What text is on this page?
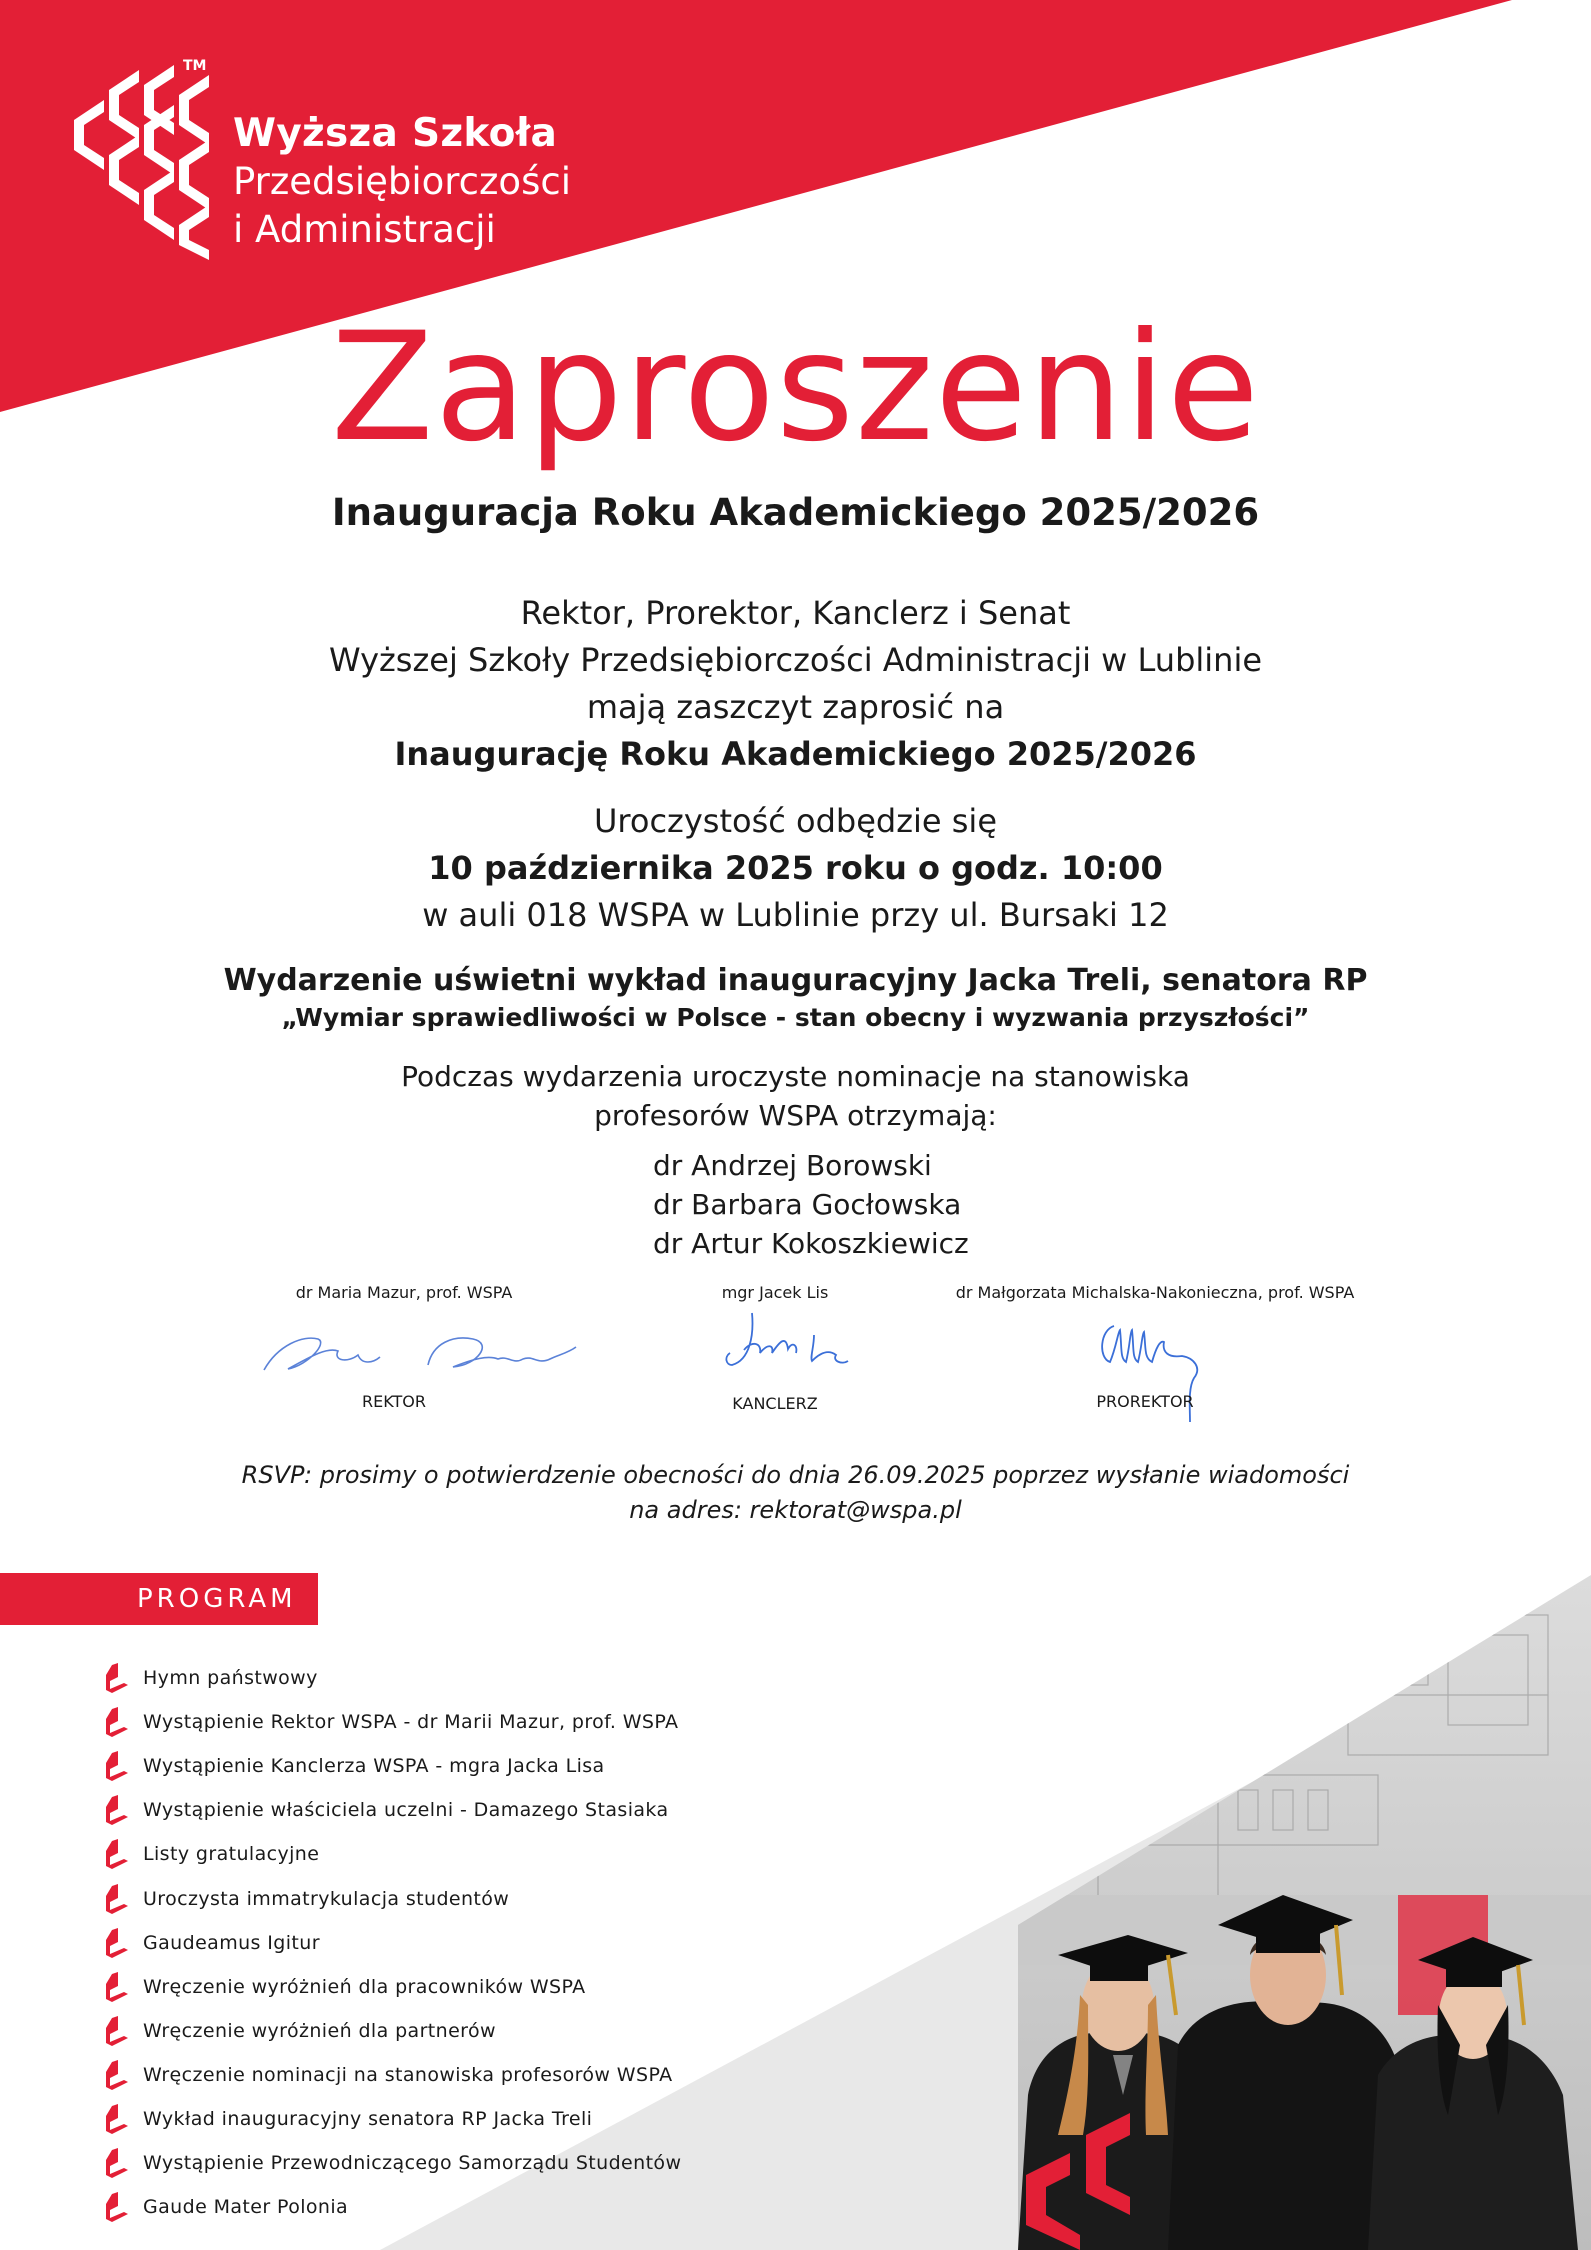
TM
Wyższa Szkoła
Przedsiębiorczości
i Administracji
Zaproszenie
Inauguracja Roku Akademickiego 2025/2026
Rektor, Prorektor, Kanclerz i Senat
Wyższej Szkoły Przedsiębiorczości Administracji w Lublinie
mają zaszczyt zaprosić na
Inaugurację Roku Akademickiego 2025/2026
Uroczystość odbędzie się
10 października 2025 roku o godz. 10:00
w auli 018 WSPA w Lublinie przy ul. Bursaki 12
Wydarzenie uświetni wykład inauguracyjny Jacka Treli, senatora RP
„Wymiar sprawiedliwości w Polsce - stan obecny i wyzwania przyszłości”
Podczas wydarzenia uroczyste nominacje na stanowiska
profesorów WSPA otrzymają:
dr Andrzej Borowski
dr Barbara Gocłowska
dr Artur Kokoszkiewicz
dr Maria Mazur, prof. WSPA	mgr Jacek Lis	dr Małgorzata Michalska-Nakonieczna, prof. WSPA
REKTOR	KANCLERZ	PROREKTOR
RSVP: prosimy o potwierdzenie obecności do dnia 26.09.2025 poprzez wysłanie wiadomości
na adres: rektorat@wspa.pl
PROGRAM
Hymn państwowy
Wystąpienie Rektor WSPA - dr Marii Mazur, prof. WSPA
Wystąpienie Kanclerza WSPA - mgra Jacka Lisa
Wystąpienie właściciela uczelni - Damazego Stasiaka
Listy gratulacyjne
Uroczysta immatrykulacja studentów
Gaudeamus Igitur
Wręczenie wyróżnień dla pracowników WSPA
Wręczenie wyróżnień dla partnerów
Wręczenie nominacji na stanowiska profesorów WSPA
Wykład inauguracyjny senatora RP Jacka Treli
Wystąpienie Przewodniczącego Samorządu Studentów
Gaude Mater Polonia
